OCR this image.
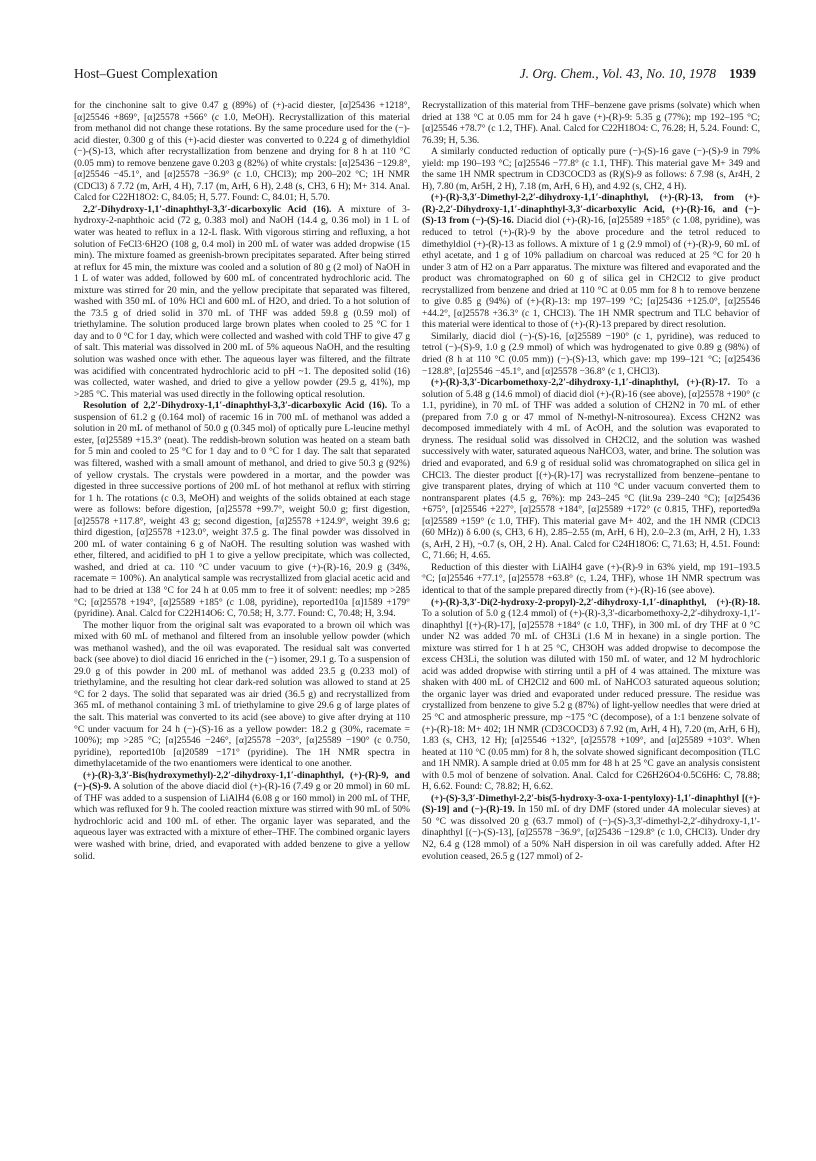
Host–Guest Complexation	J. Org. Chem., Vol. 43, No. 10, 1978 1939

for the cinchonine salt to give 0.47 g (89%) of (+)-acid diester, [α]25436 +1218°, [α]25546 +869°, [α]25578 +566° (c 1.0, MeOH). Recrystallization of this material from methanol did not change these rotations. By the same procedure used for the (−)-acid diester, 0.300 g of this (+)-acid diester was converted to 0.224 g of dimethyldiol (−)-(S)-13, which after recrystallization from benzene and drying for 8 h at 110 °C (0.05 mm) to remove benzene gave 0.203 g (82%) of white crystals: [α]25436 −129.8°, [α]25546 −45.1°, and [α]25578 −36.9° (c 1.0, CHCl3); mp 200–202 °C; 1H NMR (CDCl3) δ 7.72 (m, ArH, 4 H), 7.17 (m, ArH, 6 H), 2.48 (s, CH3, 6 H); M+ 314. Anal. Calcd for C22H18O2: C, 84.05; H, 5.77. Found: C, 84.01; H, 5.70.

2,2′-Dihydroxy-1,1′-dinaphthyl-3,3′-dicarboxylic Acid (16). A mixture of 3-hydroxy-2-naphthoic acid (72 g, 0.383 mol) and NaOH (14.4 g, 0.36 mol) in 1 L of water was heated to reflux in a 12-L flask. With vigorous stirring and refluxing, a hot solution of FeCl3·6H2O (108 g, 0.4 mol) in 200 mL of water was added dropwise (15 min). The mixture foamed as greenish-brown precipitates separated. After being stirred at reflux for 45 min, the mixture was cooled and a solution of 80 g (2 mol) of NaOH in 1 L of water was added, followed by 600 mL of concentrated hydrochloric acid. The mixture was stirred for 20 min, and the yellow precipitate that separated was filtered, washed with 350 mL of 10% HCl and 600 mL of H2O, and dried. To a hot solution of the 73.5 g of dried solid in 370 mL of THF was added 59.8 g (0.59 mol) of triethylamine. The solution produced large brown plates when cooled to 25 °C for 1 day and to 0 °C for 1 day, which were collected and washed with cold THF to give 47 g of salt. This material was dissolved in 200 mL of 5% aqueous NaOH, and the resulting solution was washed once with ether. The aqueous layer was filtered, and the filtrate was acidified with concentrated hydrochloric acid to pH ~1. The deposited solid (16) was collected, water washed, and dried to give a yellow powder (29.5 g, 41%), mp >285 °C. This material was used directly in the following optical resolution.

Resolution of 2,2′-Dihydroxy-1,1′-dinaphthyl-3,3′-dicarboxylic Acid (16). To a suspension of 61.2 g (0.164 mol) of racemic 16 in 700 mL of methanol was added a solution in 20 mL of methanol of 50.0 g (0.345 mol) of optically pure L-leucine methyl ester, [α]25589 +15.3° (neat). The reddish-brown solution was heated on a steam bath for 5 min and cooled to 25 °C for 1 day and to 0 °C for 1 day. The salt that separated was filtered, washed with a small amount of methanol, and dried to give 50.3 g (92%) of yellow crystals. The crystals were powdered in a mortar, and the powder was digested in three successive portions of 200 mL of hot methanol at reflux with stirring for 1 h. The rotations (c 0.3, MeOH) and weights of the solids obtained at each stage were as follows: before digestion, [α]25578 +99.7°, weight 50.0 g; first digestion, [α]25578 +117.8°, weight 43 g; second digestion, [α]25578 +124.9°, weight 39.6 g; third digestion, [α]25578 +123.0°, weight 37.5 g. The final powder was dissolved in 200 mL of water containing 6 g of NaOH. The resulting solution was washed with ether, filtered, and acidified to pH 1 to give a yellow precipitate, which was collected, washed, and dried at ca. 110 °C under vacuum to give (+)-(R)-16, 20.9 g (34%, racemate = 100%). An analytical sample was recrystallized from glacial acetic acid and had to be dried at 138 °C for 24 h at 0.05 mm to free it of solvent: needles; mp >285 °C; [α]25578 +194°, [α]25589 +185° (c 1.08, pyridine), reported10a [α]1589 +179° (pyridine). Anal. Calcd for C22H14O6: C, 70.58; H, 3.77. Found: C, 70.48; H, 3.94.

The mother liquor from the original salt was evaporated to a brown oil which was mixed with 60 mL of methanol and filtered from an insoluble yellow powder (which was methanol washed), and the oil was evaporated. The residual salt was converted back (see above) to diol diacid 16 enriched in the (−) isomer, 29.1 g. To a suspension of 29.0 g of this powder in 200 mL of methanol was added 23.5 g (0.233 mol) of triethylamine, and the resulting hot clear dark-red solution was allowed to stand at 25 °C for 2 days. The solid that separated was air dried (36.5 g) and recrystallized from 365 mL of methanol containing 3 mL of triethylamine to give 29.6 g of large plates of the salt. This material was converted to its acid (see above) to give after drying at 110 °C under vacuum for 24 h (−)-(S)-16 as a yellow powder: 18.2 g (30%, racemate = 100%); mp >285 °C; [α]25546 −246°, [α]25578 −203°, [α]25589 −190° (c 0.750, pyridine), reported10b [α]20589 −171° (pyridine). The 1H NMR spectra in dimethylacetamide of the two enantiomers were identical to one another.

(+)-(R)-3,3′-Bis(hydroxymethyl)-2,2′-dihydroxy-1,1′-dinaphthyl, (+)-(R)-9, and (−)-(S)-9. A solution of the above diacid diol (+)-(R)-16 (7.49 g or 20 mmol) in 60 mL of THF was added to a suspension of LiAlH4 (6.08 g or 160 mmol) in 200 mL of THF, which was refluxed for 9 h. The cooled reaction mixture was stirred with 90 mL of 50% hydrochloric acid and 100 mL of ether. The organic layer was separated, and the aqueous layer was extracted with a mixture of ether–THF. The combined organic layers were washed with brine, dried, and evaporated with added benzene to give a yellow solid.

Recrystallization of this material from THF–benzene gave prisms (solvate) which when dried at 138 °C at 0.05 mm for 24 h gave (+)-(R)-9: 5.35 g (77%); mp 192–195 °C; [α]25546 +78.7° (c 1.2, THF). Anal. Calcd for C22H18O4: C, 76.28; H, 5.24. Found: C, 76.39; H, 5.36.

A similarly conducted reduction of optically pure (−)-(S)-16 gave (−)-(S)-9 in 79% yield: mp 190–193 °C; [α]25546 −77.8° (c 1.1, THF). This material gave M+ 349 and the same 1H NMR spectrum in CD3COCD3 as (R)(S)-9 as follows: δ 7.98 (s, Ar4H, 2 H), 7.80 (m, Ar5H, 2 H), 7.18 (m, ArH, 6 H), and 4.92 (s, CH2, 4 H).

(+)-(R)-3,3′-Dimethyl-2,2′-dihydroxy-1,1′-dinaphthyl, (+)-(R)-13, from (+)-(R)-2,2′-Dihydroxy-1,1′-dinaphthyl-3,3′-dicarboxylic Acid, (+)-(R)-16, and (−)-(S)-13 from (−)-(S)-16. Diacid diol (+)-(R)-16, [α]25589 +185° (c 1.08, pyridine), was reduced to tetrol (+)-(R)-9 by the above procedure and the tetrol reduced to dimethyldiol (+)-(R)-13 as follows. A mixture of 1 g (2.9 mmol) of (+)-(R)-9, 60 mL of ethyl acetate, and 1 g of 10% palladium on charcoal was reduced at 25 °C for 20 h under 3 atm of H2 on a Parr apparatus. The mixture was filtered and evaporated and the product was chromatographed on 60 g of silica gel in CH2Cl2 to give product recrystallized from benzene and dried at 110 °C at 0.05 mm for 8 h to remove benzene to give 0.85 g (94%) of (+)-(R)-13: mp 197–199 °C; [α]25436 +125.0°, [α]25546 +44.2°, [α]25578 +36.3° (c 1, CHCl3). The 1H NMR spectrum and TLC behavior of this material were identical to those of (+)-(R)-13 prepared by direct resolution.

Similarly, diacid diol (−)-(S)-16, [α]25589 −190° (c 1, pyridine), was reduced to tetrol (−)-(S)-9, 1.0 g (2.9 mmol) of which was hydrogenated to give 0.89 g (98%) of dried (8 h at 110 °C (0.05 mm)) (−)-(S)-13, which gave: mp 199–121 °C; [α]25436 −128.8°, [α]25546 −45.1°, and [α]25578 −36.8° (c 1, CHCl3).

(+)-(R)-3,3′-Dicarbomethoxy-2,2′-dihydroxy-1,1′-dinaphthyl, (+)-(R)-17. To a solution of 5.48 g (14.6 mmol) of diacid diol (+)-(R)-16 (see above), [α]25578 +190° (c 1.1, pyridine), in 70 mL of THF was added a solution of CH2N2 in 70 mL of ether (prepared from 7.0 g or 47 mmol of N-methyl-N-nitrosourea). Excess CH2N2 was decomposed immediately with 4 mL of AcOH, and the solution was evaporated to dryness. The residual solid was dissolved in CH2Cl2, and the solution was washed successively with water, saturated aqueous NaHCO3, water, and brine. The solution was dried and evaporated, and 6.9 g of residual solid was chromatographed on silica gel in CHCl3. The diester product [(+)-(R)-17] was recrystallized from benzene–pentane to give transparent plates, drying of which at 110 °C under vacuum converted them to nontransparent plates (4.5 g, 76%): mp 243–245 °C (lit.9a 239–240 °C); [α]25436 +675°, [α]25546 +227°, [α]25578 +184°, [α]25589 +172° (c 0.815, THF), reported9a [α]25589 +159° (c 1.0, THF). This material gave M+ 402, and the 1H NMR (CDCl3 (60 MHz)) δ 6.00 (s, CH3, 6 H), 2.85–2.55 (m, ArH, 6 H), 2.0–2.3 (m, ArH, 2 H), 1.33 (s, ArH, 2 H), ~0.7 (s, OH, 2 H). Anal. Calcd for C24H18O6: C, 71.63; H, 4.51. Found: C, 71.66; H, 4.65.

Reduction of this diester with LiAlH4 gave (+)-(R)-9 in 63% yield, mp 191–193.5 °C; [α]25546 +77.1°, [α]25578 +63.8° (c, 1.24, THF), whose 1H NMR spectrum was identical to that of the sample prepared directly from (+)-(R)-16 (see above).

(+)-(R)-3,3′-Di(2-hydroxy-2-propyl)-2,2′-dihydroxy-1,1′-dinaphthyl, (+)-(R)-18. To a solution of 5.0 g (12.4 mmol) of (+)-(R)-3,3′-dicarbomethoxy-2,2′-dihydroxy-1,1′-dinaphthyl [(+)-(R)-17], [α]25578 +184° (c 1.0, THF), in 300 mL of dry THF at 0 °C under N2 was added 70 mL of CH3Li (1.6 M in hexane) in a single portion. The mixture was stirred for 1 h at 25 °C, CH3OH was added dropwise to decompose the excess CH3Li, the solution was diluted with 150 mL of water, and 12 M hydrochloric acid was added dropwise with stirring until a pH of 4 was attained. The mixture was shaken with 400 mL of CH2Cl2 and 600 mL of NaHCO3 saturated aqueous solution; the organic layer was dried and evaporated under reduced pressure. The residue was crystallized from benzene to give 5.2 g (87%) of light-yellow needles that were dried at 25 °C and atmospheric pressure, mp ~175 °C (decompose), of a 1:1 benzene solvate of (+)-(R)-18: M+ 402; 1H NMR (CD3COCD3) δ 7.92 (m, ArH, 4 H), 7.20 (m, ArH, 6 H), 1.83 (s, CH3, 12 H); [α]25546 +132°, [α]25578 +109°, and [α]25589 +103°. When heated at 110 °C (0.05 mm) for 8 h, the solvate showed significant decomposition (TLC and 1H NMR). A sample dried at 0.05 mm for 48 h at 25 °C gave an analysis consistent with 0.5 mol of benzene of solvation. Anal. Calcd for C26H26O4·0.5C6H6: C, 78.88; H, 6.62. Found: C, 78.82; H, 6.62.

(+)-(S)-3,3′-Dimethyl-2,2′-bis(5-hydroxy-3-oxa-1-pentyloxy)-1,1′-dinaphthyl [(+)-(S)-19] and (−)-(R)-19. In 150 mL of dry DMF (stored under 4A molecular sieves) at 50 °C was dissolved 20 g (63.7 mmol) of (−)-(S)-3,3′-dimethyl-2,2′-dihydroxy-1,1′-dinaphthyl [(−)-(S)-13], [α]25578 −36.9°, [α]25436 −129.8° (c 1.0, CHCl3). Under dry N2, 6.4 g (128 mmol) of a 50% NaH dispersion in oil was carefully added. After H2 evolution ceased, 26.5 g (127 mmol) of 2-
